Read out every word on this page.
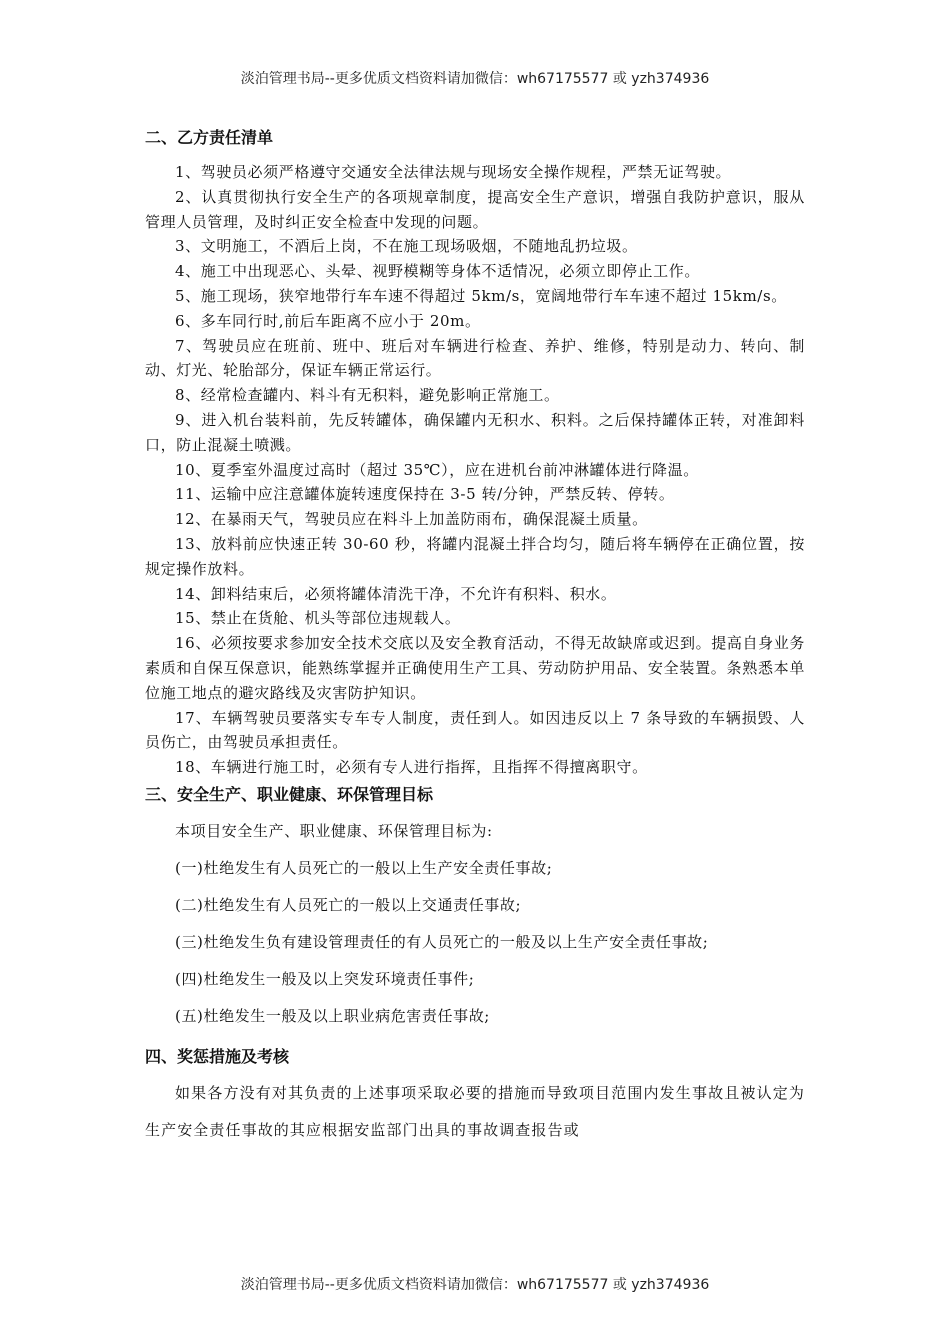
淡泊管理书局--更多优质文档资料请加微信：wh67175577 或 yzh374936

二、乙方责任清单

1、驾驶员必须严格遵守交通安全法律法规与现场安全操作规程，严禁无证驾驶。

2、认真贯彻执行安全生产的各项规章制度，提高安全生产意识，增强自我防护意识，服从管理人员管理，及时纠正安全检查中发现的问题。

3、文明施工，不酒后上岗，不在施工现场吸烟，不随地乱扔垃圾。

4、施工中出现恶心、头晕、视野模糊等身体不适情况，必须立即停止工作。

5、施工现场，狭窄地带行车车速不得超过 5km/s，宽阔地带行车车速不超过 15km/s。

6、多车同行时,前后车距离不应小于 20m。

7、驾驶员应在班前、班中、班后对车辆进行检查、养护、维修，特别是动力、转向、制动、灯光、轮胎部分，保证车辆正常运行。

8、经常检查罐内、料斗有无积料，避免影响正常施工。

9、进入机台装料前，先反转罐体，确保罐内无积水、积料。之后保持罐体正转，对准卸料口，防止混凝土喷溅。

10、夏季室外温度过高时（超过 35℃），应在进机台前冲淋罐体进行降温。

11、运输中应注意罐体旋转速度保持在 3-5 转/分钟，严禁反转、停转。

12、在暴雨天气，驾驶员应在料斗上加盖防雨布，确保混凝土质量。

13、放料前应快速正转 30-60 秒，将罐内混凝土拌合均匀，随后将车辆停在正确位置，按规定操作放料。

14、卸料结束后，必须将罐体清洗干净，不允许有积料、积水。

15、禁止在货舱、机头等部位违规载人。

16、必须按要求参加安全技术交底以及安全教育活动，不得无故缺席或迟到。提高自身业务素质和自保互保意识，能熟练掌握并正确使用生产工具、劳动防护用品、安全装置。条熟悉本单位施工地点的避灾路线及灾害防护知识。

17、车辆驾驶员要落实专车专人制度，责任到人。如因违反以上 7 条导致的车辆损毁、人员伤亡，由驾驶员承担责任。

18、车辆进行施工时，必须有专人进行指挥，且指挥不得擅离职守。

三、安全生产、职业健康、环保管理目标

本项目安全生产、职业健康、环保管理目标为:

(一)杜绝发生有人员死亡的一般以上生产安全责任事故;

(二)杜绝发生有人员死亡的一般以上交通责任事故;

(三)杜绝发生负有建设管理责任的有人员死亡的一般及以上生产安全责任事故;

(四)杜绝发生一般及以上突发环境责任事件;

(五)杜绝发生一般及以上职业病危害责任事故;

四、奖惩措施及考核

如果各方没有对其负责的上述事项采取必要的措施而导致项目范围内发生事故且被认定为生产安全责任事故的其应根据安监部门出具的事故调查报告或

淡泊管理书局--更多优质文档资料请加微信：wh67175577 或 yzh374936
